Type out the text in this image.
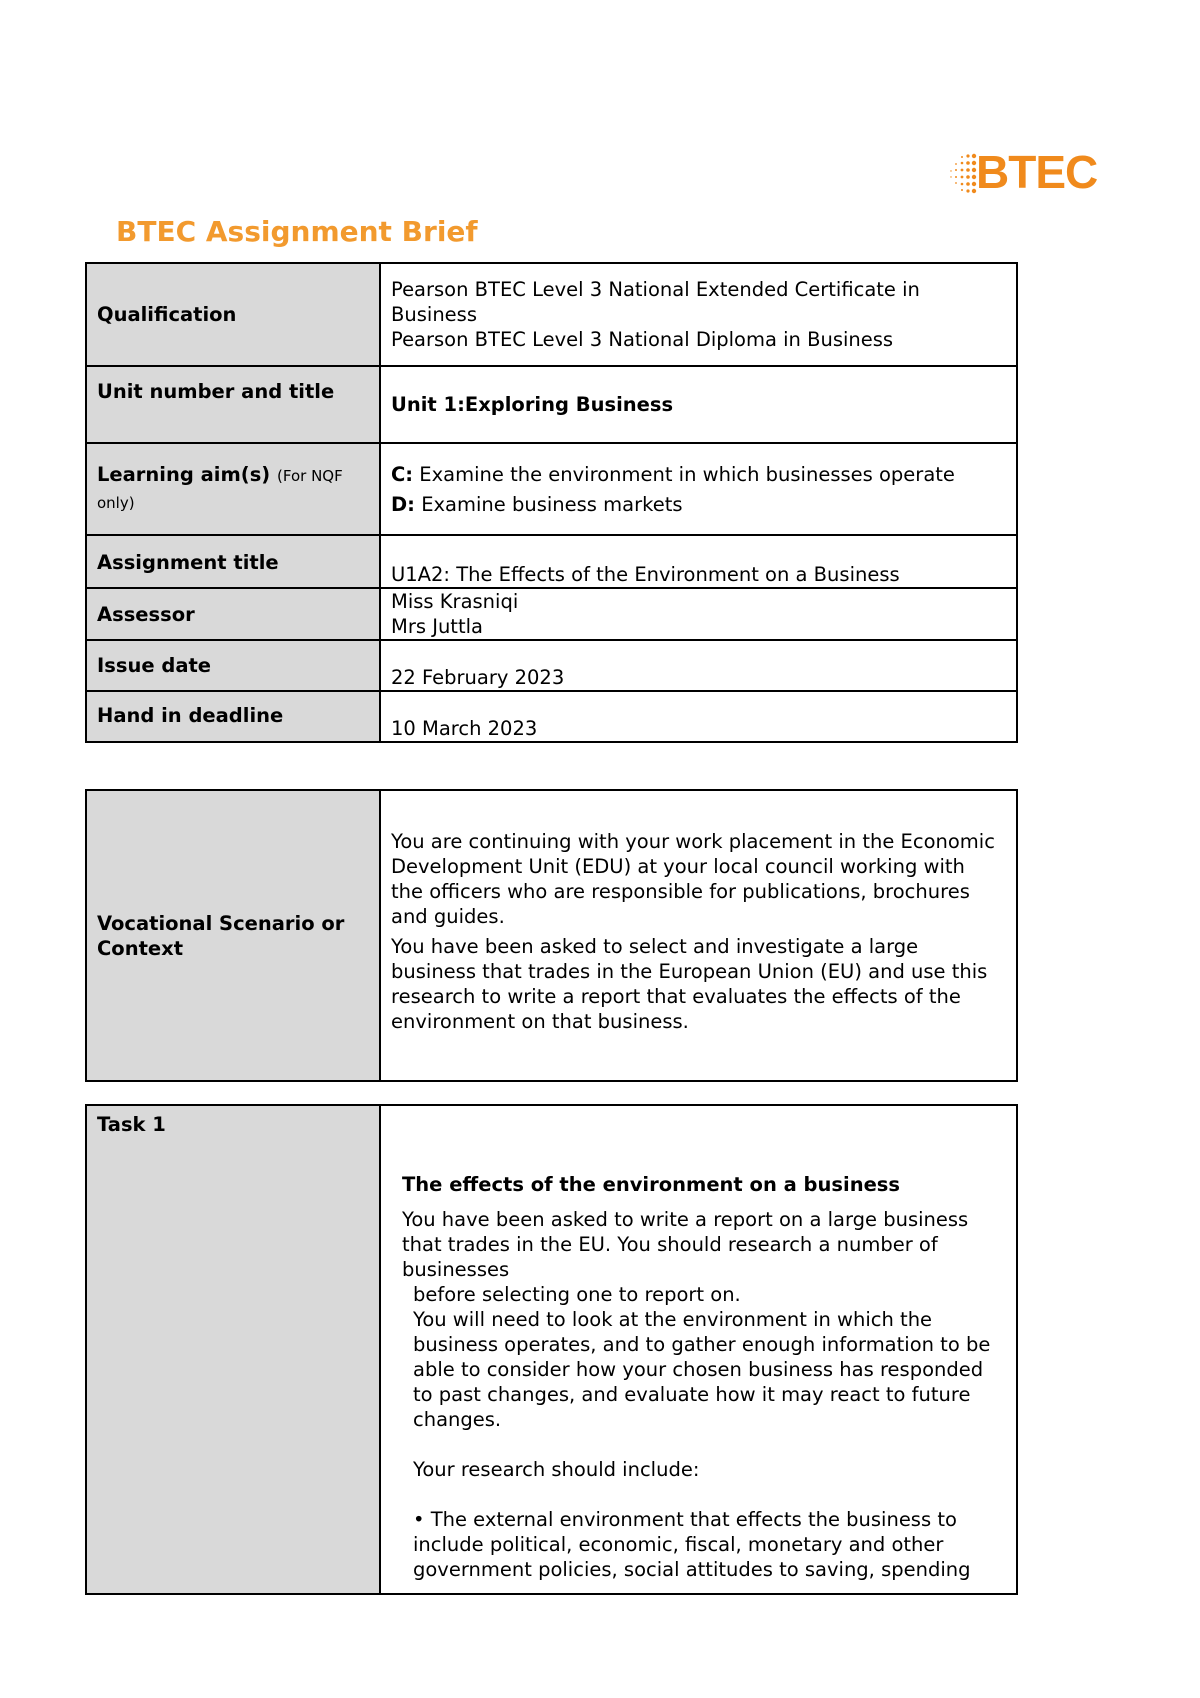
BTEC
BTEC Assignment Brief
Qualification	Pearson BTEC Level 3 National Extended Certificate in
Business
Pearson BTEC Level 3 National Diploma in Business

Unit number and title	Unit 1:Exploring Business
Learning aim(s) (For NQF only)	C: Examine the environment in which businesses operate
D: Examine business markets

Assignment title	U1A2: The Effects of the Environment on a Business
Assessor	Miss Krasniqi
Mrs Juttla

Issue date	22 February 2023
Hand in deadline	10 March 2023
Vocational Scenario or Context	

You are continuing with your work placement in the Economic Development Unit (EDU) at your local council working with the officers who are responsible for publications, brochures and guides.

You have been asked to select and investigate a large business that trades in the European Union (EU) and use this research to write a report that evaluates the effects of the environment on that business.

Task 1	

The effects of the environment on a business

You have been asked to write a report on a large business that trades in the EU. You should research a number of businesses

before selecting one to report on.
You will need to look at the environment in which the business operates, and to gather enough information to be able to consider how your chosen business has responded to past changes, and evaluate how it may react to future changes.
Your research should include:
• The external environment that effects the business to include political, economic, fiscal, monetary and other government policies, social attitudes to saving, spending
